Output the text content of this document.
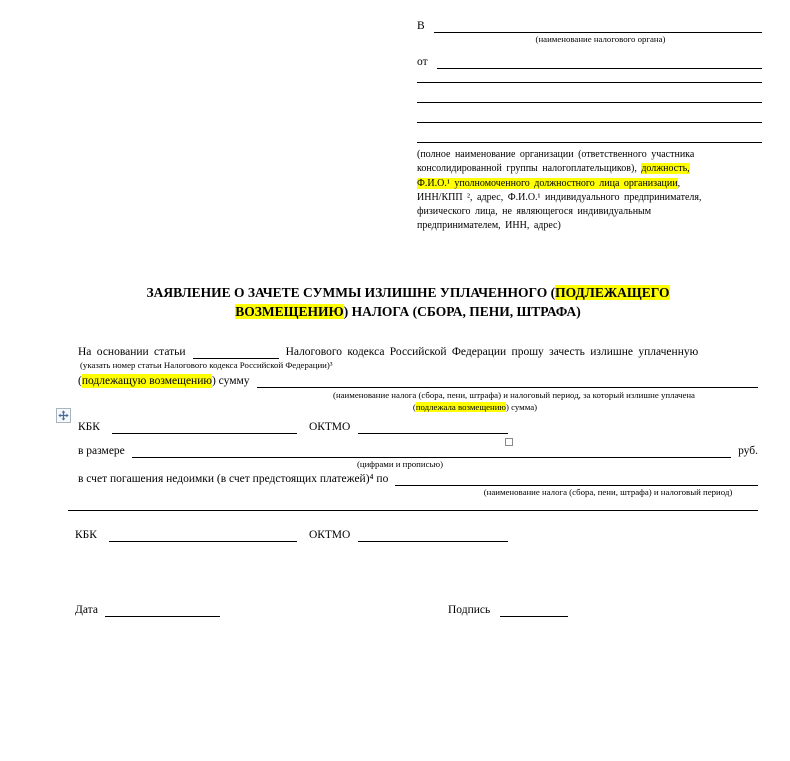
В
(наименование налогового органа)
от
(полное наименование организации (ответственного участника
консолидированной группы налогоплательщиков), должность,
Ф.И.О.¹ уполномоченного должностного лица организации,
ИНН/КПП ², адрес, Ф.И.О.¹ индивидуального предпринимателя,
физического лица, не являющегося индивидуальным
предпринимателем, ИНН, адрес)
ЗАЯВЛЕНИЕ О ЗАЧЕТЕ СУММЫ ИЗЛИШНЕ УПЛАЧЕННОГО (ПОДЛЕЖАЩЕГО
ВОЗМЕЩЕНИЮ) НАЛОГА (СБОРА, ПЕНИ, ШТРАФА)
На основании статьи	Налогового кодекса Российской Федерации прошу зачесть излишне уплаченную
(указать номер статьи Налогового кодекса Российской Федерации)³
( подлежащую возмещению ) сумму
(наименование налога (сбора, пени, штрафа) и налоговый период, за который излишне уплачена
(подлежала возмещению) сумма)
КБК	ОКТМО
в размере	руб.
(цифрами и прописью)
в счет погашения недоимки (в счет предстоящих платежей)⁴ по
(наименование налога (сбора, пени, штрафа) и налоговый период)
КБК	ОКТМО
Дата	Подпись
